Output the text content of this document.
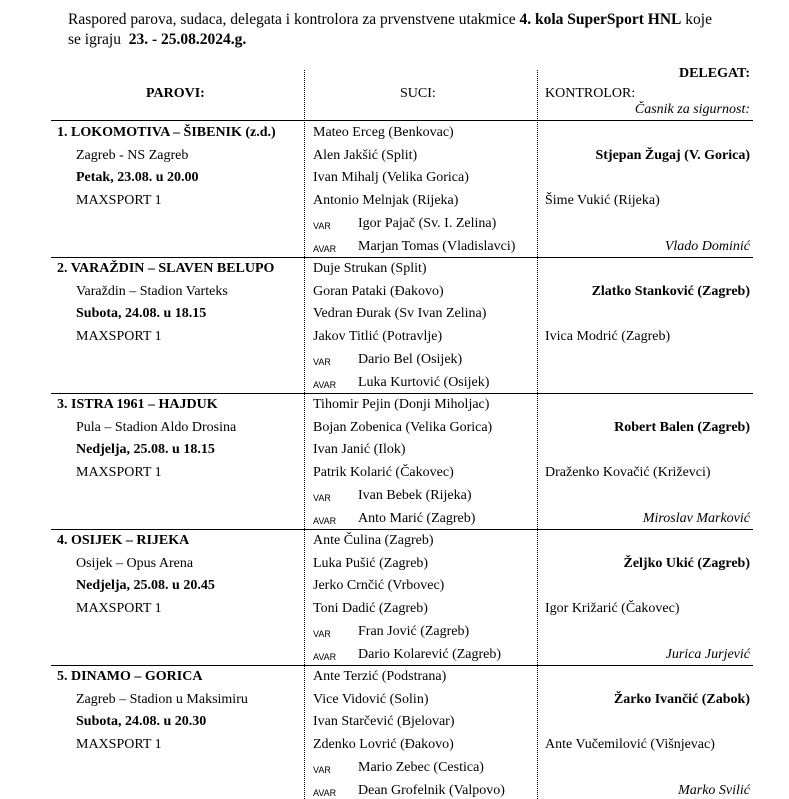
Raspored parova, sudaca, delegata i kontrolora za prvenstvene utakmice 4. kola SuperSport HNL koje
se igraju 23. - 25.08.2024.g.
PAROVI:	SUCI:
DELEGAT:
KONTROLOR:
Časnik za sigurnost:
1. LOKOMOTIVA – ŠIBENIK (z.d.)
Zagreb - NS Zagreb
Petak, 23.08. u 20.00
MAXSPORT 1
Mateo Erceg (Benkovac)
Alen Jakšić (Split)
Ivan Mihalj (Velika Gorica)
Antonio Melnjak (Rijeka)
VAR Igor Pajač (Sv. I. Zelina)
AVAR Marjan Tomas (Vladislavci)
Stjepan Žugaj (V. Gorica)
Šime Vukić (Rijeka)
Vlado Dominić
2. VARAŽDIN – SLAVEN BELUPO
Varaždin – Stadion Varteks
Subota, 24.08. u 18.15
MAXSPORT 1
Duje Strukan (Split)
Goran Pataki (Đakovo)
Vedran Đurak (Sv Ivan Zelina)
Jakov Titlić (Potravlje)
VAR Dario Bel (Osijek)
AVAR Luka Kurtović (Osijek)
Zlatko Stanković (Zagreb)
Ivica Modrić (Zagreb)
3. ISTRA 1961 – HAJDUK
Pula – Stadion Aldo Drosina
Nedjelja, 25.08. u 18.15
MAXSPORT 1
Tihomir Pejin (Donji Miholjac)
Bojan Zobenica (Velika Gorica)
Ivan Janić (Ilok)
Patrik Kolarić (Čakovec)
VAR Ivan Bebek (Rijeka)
AVAR Anto Marić (Zagreb)
Robert Balen (Zagreb)
Draženko Kovačić (Križevci)
Miroslav Marković
4. OSIJEK – RIJEKA
Osijek – Opus Arena
Nedjelja, 25.08. u 20.45
MAXSPORT 1
Ante Čulina (Zagreb)
Luka Pušić (Zagreb)
Jerko Crnčić (Vrbovec)
Toni Dadić (Zagreb)
VAR Fran Jović (Zagreb)
AVAR Dario Kolarević (Zagreb)
Željko Ukić (Zagreb)
Igor Križarić (Čakovec)
Jurica Jurjević
5. DINAMO – GORICA
Zagreb – Stadion u Maksimiru
Subota, 24.08. u 20.30
MAXSPORT 1
Ante Terzić (Podstrana)
Vice Vidović (Solin)
Ivan Starčević (Bjelovar)
Zdenko Lovrić (Đakovo)
VAR Mario Zebec (Cestica)
AVAR Dean Grofelnik (Valpovo)
Žarko Ivančić (Zabok)
Ante Vučemilović (Višnjevac)
Marko Svilić
